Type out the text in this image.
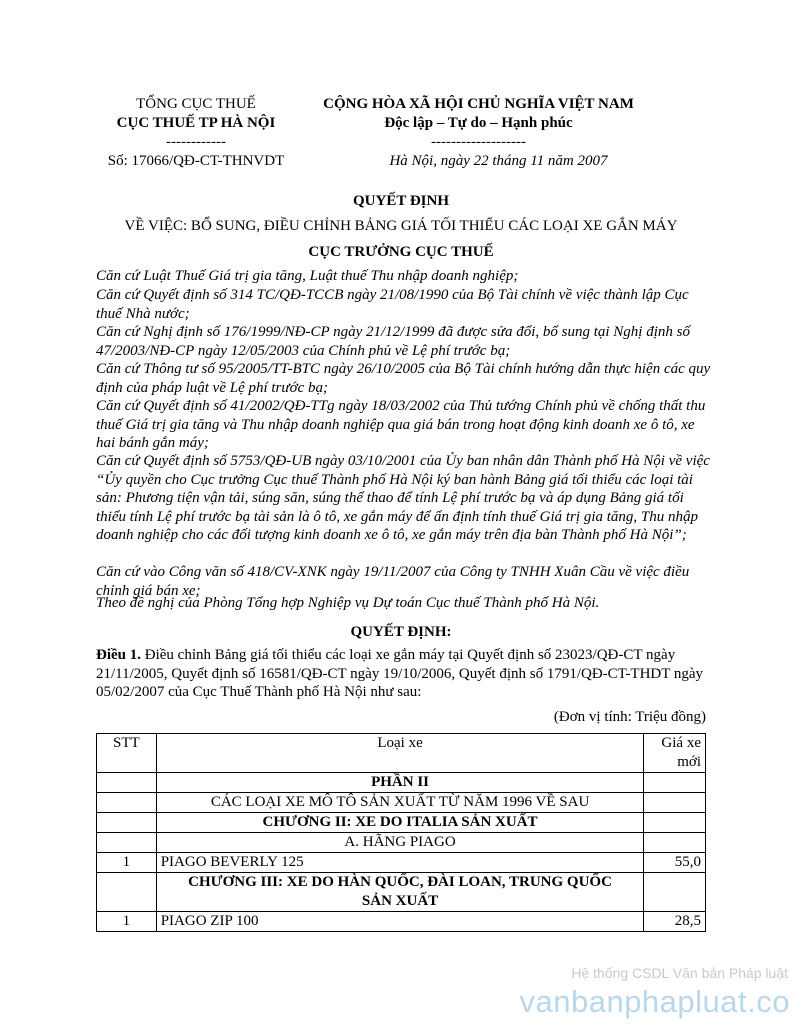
TỔNG CỤC THUẾ
CỤC THUẾ TP HÀ NỘI
------------
Số: 17066/QĐ-CT-THNVDT
CỘNG HÒA XÃ HỘI CHỦ NGHĨA VIỆT NAM
Độc lập – Tự do – Hạnh phúc
-------------------
Hà Nội, ngày 22 tháng 11 năm 2007
QUYẾT ĐỊNH
VỀ VIỆC: BỔ SUNG, ĐIỀU CHỈNH BẢNG GIÁ TỐI THIỂU CÁC LOẠI XE GẮN MÁY
CỤC TRƯỞNG CỤC THUẾ
Căn cứ Luật Thuế Giá trị gia tăng, Luật thuế Thu nhập doanh nghiệp;
Căn cứ Quyết định số 314 TC/QĐ-TCCB ngày 21/08/1990 của Bộ Tài chính về việc thành lập Cục thuế Nhà nước;
Căn cứ Nghị định số 176/1999/NĐ-CP ngày 21/12/1999 đã được sửa đổi, bổ sung tại Nghị định số 47/2003/NĐ-CP ngày 12/05/2003 của Chính phủ về Lệ phí trước bạ;
Căn cứ Thông tư số 95/2005/TT-BTC ngày 26/10/2005 của Bộ Tài chính hướng dẫn thực hiện các quy định của pháp luật về Lệ phí trước bạ;
Căn cứ Quyết định số 41/2002/QĐ-TTg ngày 18/03/2002 của Thủ tướng Chính phủ về chống thất thu thuế Giá trị gia tăng và Thu nhập doanh nghiệp qua giá bán trong hoạt động kinh doanh xe ô tô, xe hai bánh gắn máy;
Căn cứ Quyết định số 5753/QĐ-UB ngày 03/10/2001 của Ủy ban nhân dân Thành phố Hà Nội về việc “Ủy quyền cho Cục trưởng Cục thuế Thành phố Hà Nội ký ban hành Bảng giá tối thiểu các loại tài sản: Phương tiện vận tải, súng săn, súng thể thao để tính Lệ phí trước bạ và áp dụng Bảng giá tối thiểu tính Lệ phí trước bạ tài sản là ô tô, xe gắn máy để ấn định tính thuế Giá trị gia tăng, Thu nhập doanh nghiệp cho các đối tượng kinh doanh xe ô tô, xe gắn máy trên địa bàn Thành phố Hà Nội”;
Căn cứ vào Công văn số 418/CV-XNK ngày 19/11/2007 của Công ty TNHH Xuân Cầu về việc điều chỉnh giá bán xe;
Theo đề nghị của Phòng Tổng hợp Nghiệp vụ Dự toán Cục thuế Thành phố Hà Nội.
QUYẾT ĐỊNH:
Điều 1. Điều chỉnh Bảng giá tối thiểu các loại xe gắn máy tại Quyết định số 23023/QĐ-CT ngày 21/11/2005, Quyết định số 16581/QĐ-CT ngày 19/10/2006, Quyết định số 1791/QĐ-CT-THDT ngày 05/02/2007 của Cục Thuế Thành phố Hà Nội như sau:
(Đơn vị tính: Triệu đồng)
STT	Loại xe	Giá xe mới
	PHẦN II	
	CÁC LOẠI XE MÔ TÔ SẢN XUẤT TỪ NĂM 1996 VỀ SAU	
	CHƯƠNG II: XE DO ITALIA SẢN XUẤT	
	A. HÃNG PIAGO	
1	PIAGO BEVERLY 125	55,0
	CHƯƠNG III: XE DO HÀN QUỐC, ĐÀI LOAN, TRUNG QUỐC SẢN XUẤT	
1	PIAGO ZIP 100	28,5
Hệ thống CSDL Văn bản Pháp luật
vanbanphapluat.co
